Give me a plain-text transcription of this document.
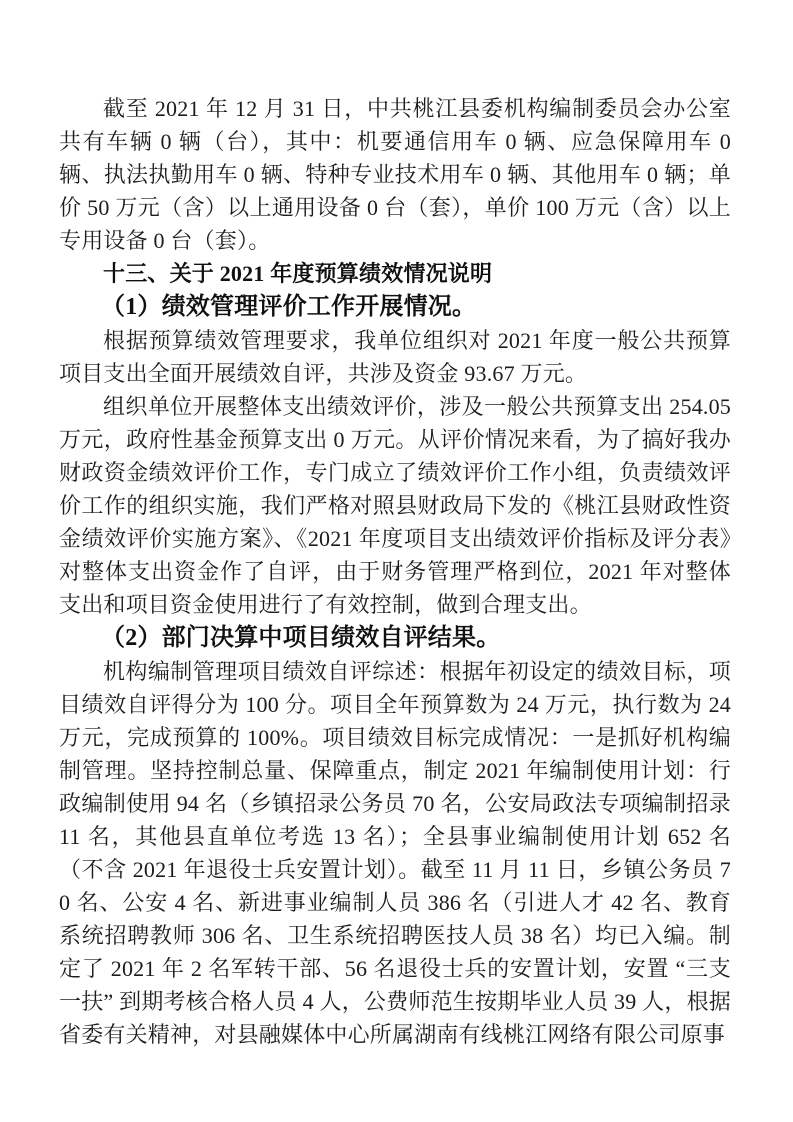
截至 2021 年 12 月 31 日，中共桃江县委机构编制委员会办公室共有车辆 0 辆（台），其中：机要通信用车 0 辆、应急保障用车 0 辆、执法执勤用车 0 辆、特种专业技术用车 0 辆、其他用车 0 辆；单价 50 万元（含）以上通用设备 0 台（套），单价 100 万元（含）以上专用设备 0 台（套）。

十三、关于 2021 年度预算绩效情况说明

（1）绩效管理评价工作开展情况。

根据预算绩效管理要求，我单位组织对 2021 年度一般公共预算项目支出全面开展绩效自评，共涉及资金 93.67 万元。

组织单位开展整体支出绩效评价，涉及一般公共预算支出 254.05 万元，政府性基金预算支出 0 万元。从评价情况来看，为了搞好我办财政资金绩效评价工作，专门成立了绩效评价工作小组，负责绩效评价工作的组织实施，我们严格对照县财政局下发的《桃江县财政性资金绩效评价实施方案》、《2021 年度项目支出绩效评价指标及评分表》对整体支出资金作了自评，由于财务管理严格到位，2021 年对整体支出和项目资金使用进行了有效控制，做到合理支出。

（2）部门决算中项目绩效自评结果。

机构编制管理项目绩效自评综述：根据年初设定的绩效目标，项目绩效自评得分为 100 分。项目全年预算数为 24 万元，执行数为 24 万元，完成预算的 100%。项目绩效目标完成情况：一是抓好机构编制管理。坚持控制总量、保障重点，制定 2021 年编制使用计划：行政编制使用 94 名（乡镇招录公务员 70 名，公安局政法专项编制招录 11 名，其他县直单位考选 13 名）；全县事业编制使用计划 652 名（不含 2021 年退役士兵安置计划）。截至 11 月 11 日，乡镇公务员 70 名、公安 4 名、新进事业编制人员 386 名（引进人才 42 名、教育系统招聘教师 306 名、卫生系统招聘医技人员 38 名）均已入编。制定了 2021 年 2 名军转干部、56 名退役士兵的安置计划，安置 “三支一扶” 到期考核合格人员 4 人，公费师范生按期毕业人员 39 人，根据省委有关精神，对县融媒体中心所属湖南有线桃江网络有限公司原事
